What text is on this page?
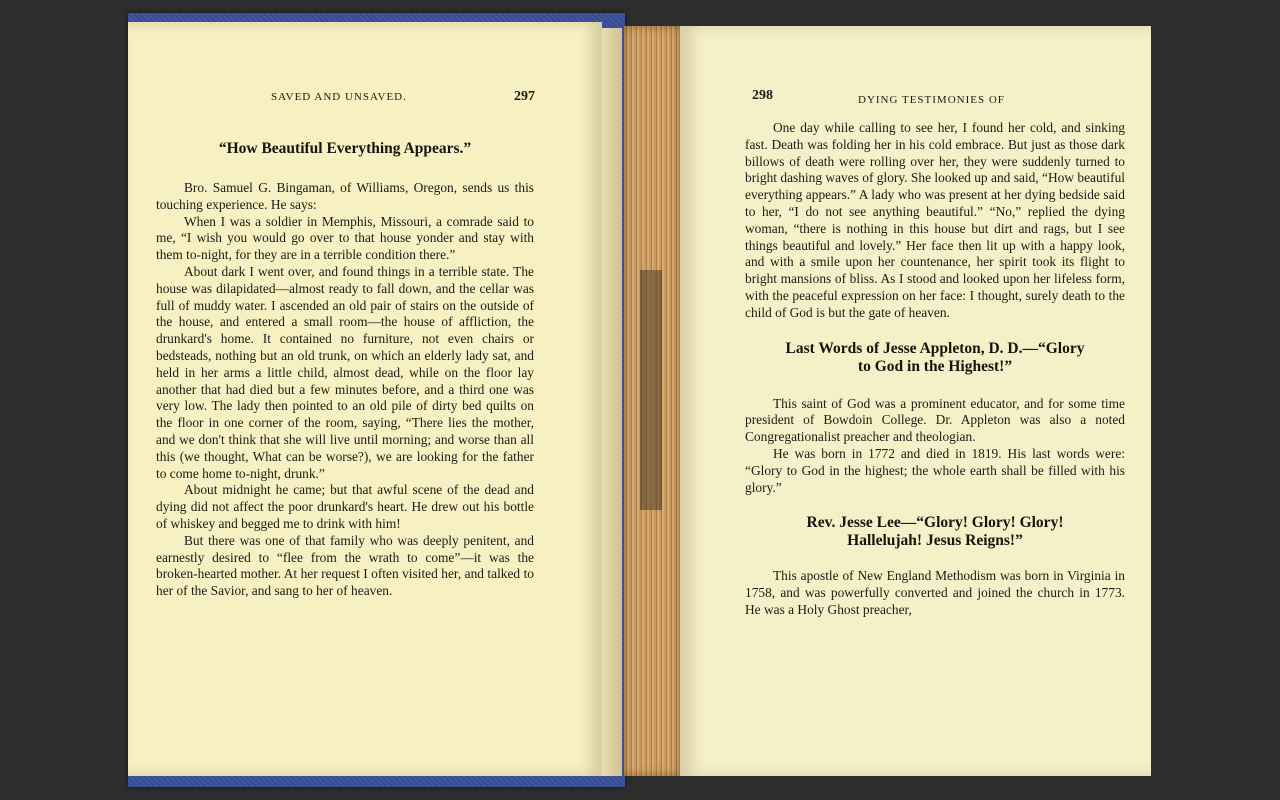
SAVED AND UNSAVED.	297
“How Beautiful Everything Appears.”

Bro. Samuel G. Bingaman, of Williams, Oregon, sends us this touching experience. He says:

When I was a soldier in Memphis, Missouri, a comrade said to me, “I wish you would go over to that house yonder and stay with them to-night, for they are in a terrible condition there.”

About dark I went over, and found things in a terrible state. The house was dilapidated—almost ready to fall down, and the cellar was full of muddy water. I ascended an old pair of stairs on the outside of the house, and entered a small room—the house of affliction, the drunkard's home. It contained no furniture, not even chairs or bedsteads, nothing but an old trunk, on which an elderly lady sat, and held in her arms a little child, almost dead, while on the floor lay another that had died but a few minutes before, and a third one was very low. The lady then pointed to an old pile of dirty bed quilts on the floor in one corner of the room, saying, “There lies the mother, and we don't think that she will live until morning; and worse than all this (we thought, What can be worse?), we are looking for the father to come home to-night, drunk.”

About midnight he came; but that awful scene of the dead and dying did not affect the poor drunkard's heart. He drew out his bottle of whiskey and begged me to drink with him!

But there was one of that family who was deeply penitent, and earnestly desired to “flee from the wrath to come”—it was the broken-hearted mother. At her request I often visited her, and talked to her of the Savior, and sang to her of heaven.

298	DYING TESTIMONIES OF

One day while calling to see her, I found her cold, and sinking fast. Death was folding her in his cold embrace. But just as those dark billows of death were rolling over her, they were suddenly turned to bright dashing waves of glory. She looked up and said, “How beautiful everything appears.” A lady who was present at her dying bedside said to her, “I do not see anything beautiful.” “No,” replied the dying woman, “there is nothing in this house but dirt and rags, but I see things beautiful and lovely.” Her face then lit up with a happy look, and with a smile upon her countenance, her spirit took its flight to bright mansions of bliss. As I stood and looked upon her lifeless form, with the peaceful expression on her face: I thought, surely death to the child of God is but the gate of heaven.

Last Words of Jesse Appleton, D. D.—“Glory
to God in the Highest!”

This saint of God was a prominent educator, and for some time president of Bowdoin College. Dr. Appleton was also a noted Congregationalist preacher and theologian.

He was born in 1772 and died in 1819. His last words were: “Glory to God in the highest; the whole earth shall be filled with his glory.”

Rev. Jesse Lee—“Glory! Glory! Glory!
Hallelujah! Jesus Reigns!”

This apostle of New England Methodism was born in Virginia in 1758, and was powerfully converted and joined the church in 1773. He was a Holy Ghost preacher,
